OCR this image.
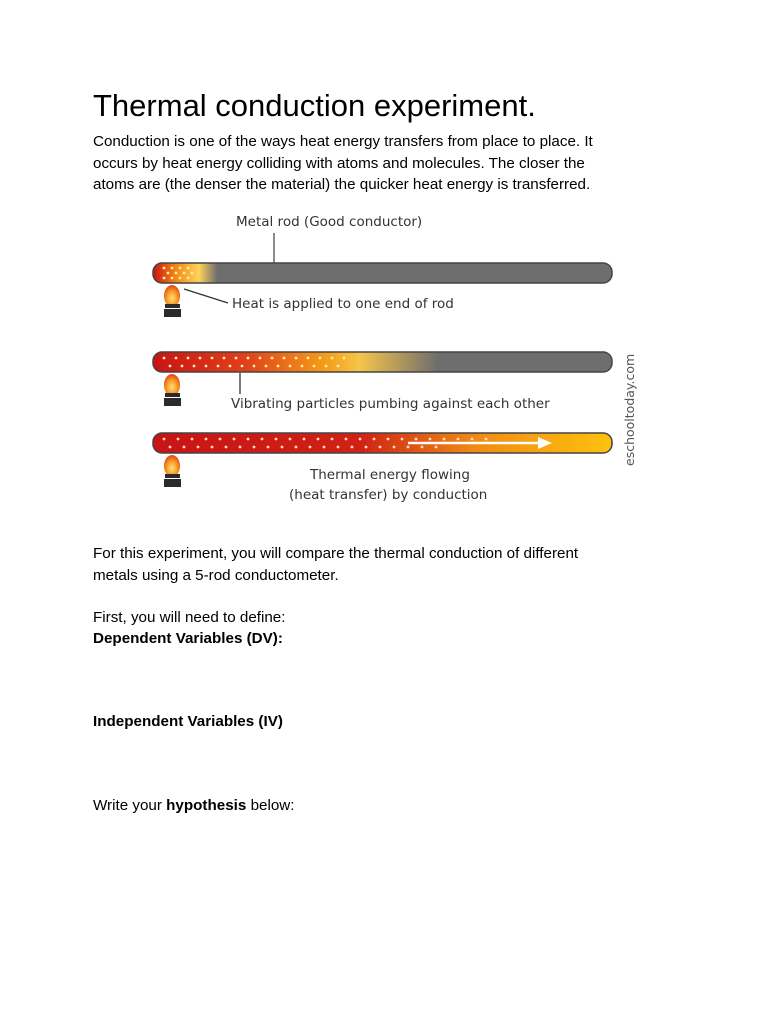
Thermal conduction experiment.

Conduction is one of the ways heat energy transfers from place to place. It
occurs by heat energy colliding with atoms and molecules. The closer the
atoms are (the denser the material) the quicker heat energy is transferred.

Metal rod (Good conductor)
Heat is applied to one end of rod
Vibrating particles pumbing against each other
Thermal energy flowing
(heat transfer) by conduction
eschooltoday.com

For this experiment, you will compare the thermal conduction of different
metals using a 5-rod conductometer.

First, you will need to define:

Dependent Variables (DV):

Independent Variables (IV)

Write your hypothesis below:
